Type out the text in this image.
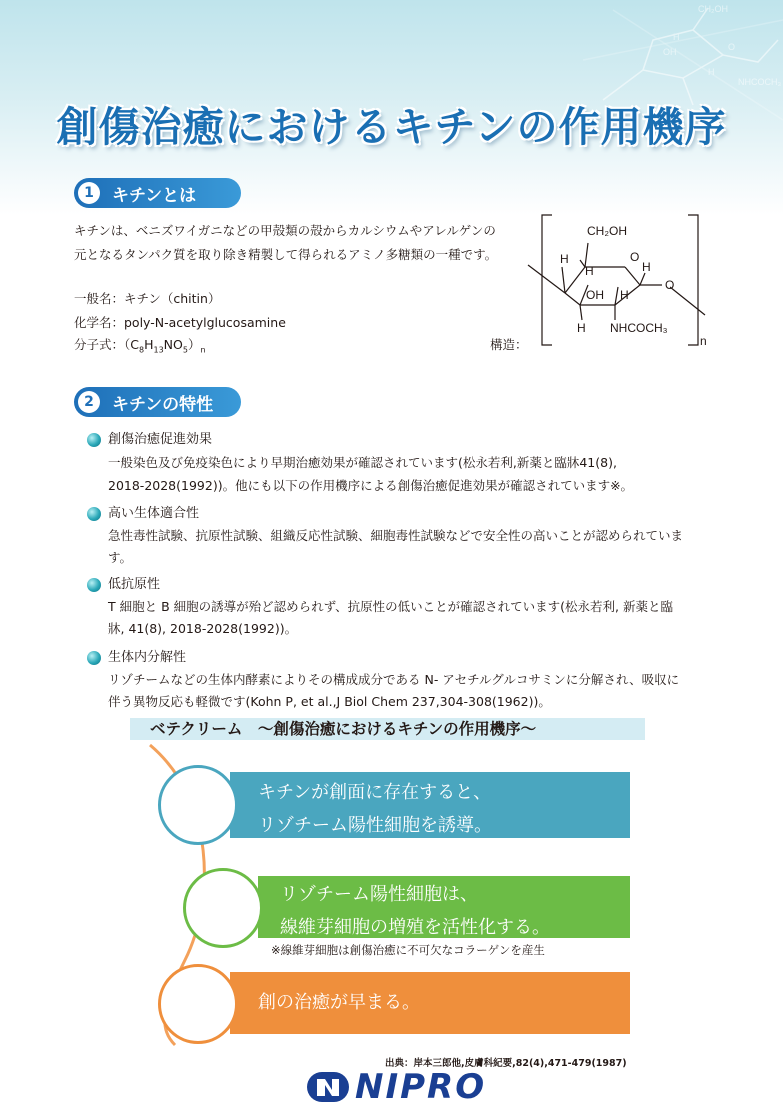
CH₂OH
H
OH	O
H
NHCOCH₃
創傷治癒におけるキチンの作用機序
1	キチンとは
キチンは、ベニズワイガニなどの甲殻類の殻からカルシウムやアレルゲンの
元となるタンパク質を取り除き精製して得られるアミノ多糖類の一種です。
一般名：キチン（chitin）
化学名：poly-N-acetylglucosamine
分子式：$(C_8H_{13}NO_5)_n$	構造：
CH₂OH
H
H
O
H
O
OH H
H NHCOCH₃
n
2	キチンの特性
創傷治癒促進効果
一般染色及び免疫染色により早期治癒効果が確認されています(松永若利,新薬と臨牀41(8),
2018-2028(1992))。他にも以下の作用機序による創傷治癒促進効果が確認されています※。
高い生体適合性
急性毒性試験、抗原性試験、組織反応性試験、細胞毒性試験などで安全性の高いことが認められていま
す。
低抗原性
T 細胞と B 細胞の誘導が殆ど認められず、抗原性の低いことが確認されています(松永若利, 新薬と臨
牀, 41(8), 2018-2028(1992))。
生体内分解性
リゾチームなどの生体内酵素によりその構成成分である N- アセチルグルコサミンに分解され、吸収に
伴う異物反応も軽微です(Kohn P, et al.,J Biol Chem 237,304-308(1962))。
ベテクリーム　〜創傷治癒におけるキチンの作用機序〜
キチンが創面に存在すると、
リゾチーム陽性細胞を誘導。
リゾチーム陽性細胞は、
線維芽細胞の増殖を活性化する。
※線維芽細胞は創傷治癒に不可欠なコラーゲンを産生
創の治癒が早まる。
出典：岸本三郎他,皮膚科紀要,82(4),471-479(1987)
NIPRO
